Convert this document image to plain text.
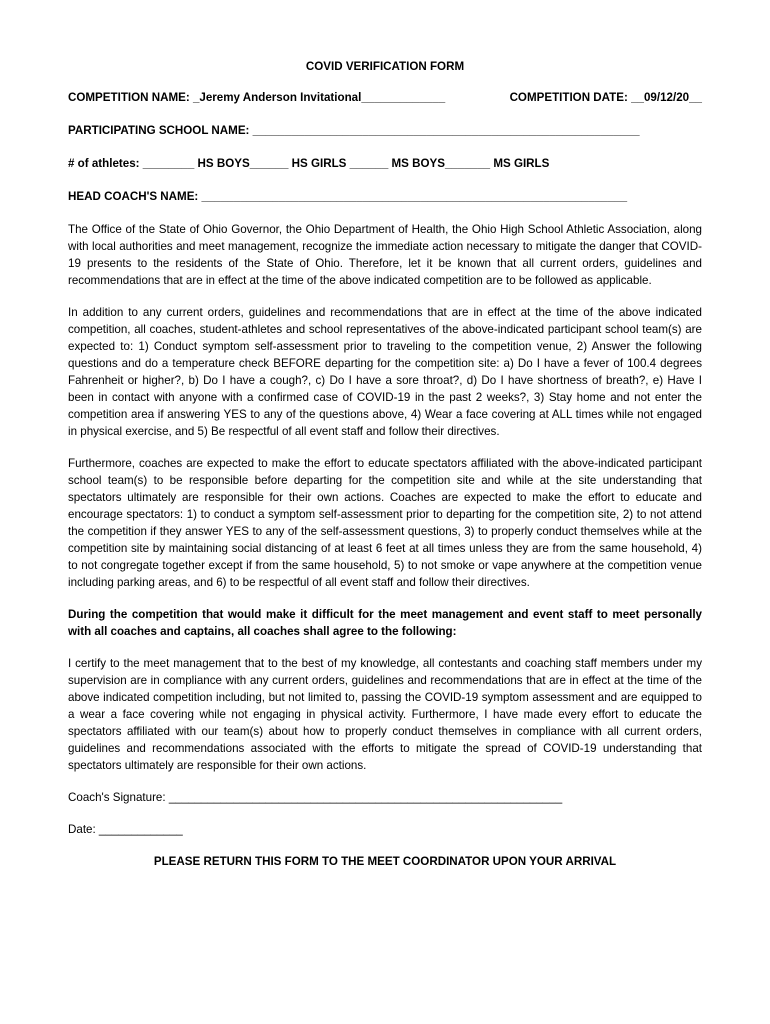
COVID VERIFICATION FORM
COMPETITION NAME: _Jeremy Anderson Invitational_____________	COMPETITION DATE: __09/12/20__
PARTICIPATING SCHOOL NAME: ____________________________________________________________
# of athletes: ________ HS BOYS______ HS GIRLS ______ MS BOYS_______ MS GIRLS
HEAD COACH'S NAME: __________________________________________________________________

The Office of the State of Ohio Governor, the Ohio Department of Health, the Ohio High School Athletic Association, along with local authorities and meet management, recognize the immediate action necessary to mitigate the danger that COVID-19 presents to the residents of the State of Ohio. Therefore, let it be known that all current orders, guidelines and recommendations that are in effect at the time of the above indicated competition are to be followed as applicable.

In addition to any current orders, guidelines and recommendations that are in effect at the time of the above indicated competition, all coaches, student-athletes and school representatives of the above-indicated participant school team(s) are expected to: 1) Conduct symptom self-assessment prior to traveling to the competition venue, 2) Answer the following questions and do a temperature check BEFORE departing for the competition site: a) Do I have a fever of 100.4 degrees Fahrenheit or higher?, b) Do I have a cough?, c) Do I have a sore throat?, d) Do I have shortness of breath?, e) Have I been in contact with anyone with a confirmed case of COVID-19 in the past 2 weeks?, 3) Stay home and not enter the competition area if answering YES to any of the questions above, 4) Wear a face covering at ALL times while not engaged in physical exercise, and 5) Be respectful of all event staff and follow their directives.

Furthermore, coaches are expected to make the effort to educate spectators affiliated with the above-indicated participant school team(s) to be responsible before departing for the competition site and while at the site understanding that spectators ultimately are responsible for their own actions. Coaches are expected to make the effort to educate and encourage spectators: 1) to conduct a symptom self-assessment prior to departing for the competition site, 2) to not attend the competition if they answer YES to any of the self-assessment questions, 3) to properly conduct themselves while at the competition site by maintaining social distancing of at least 6 feet at all times unless they are from the same household, 4) to not congregate together except if from the same household, 5) to not smoke or vape anywhere at the competition venue including parking areas, and 6) to be respectful of all event staff and follow their directives.

During the competition that would make it difficult for the meet management and event staff to meet personally with all coaches and captains, all coaches shall agree to the following:

I certify to the meet management that to the best of my knowledge, all contestants and coaching staff members under my supervision are in compliance with any current orders, guidelines and recommendations that are in effect at the time of the above indicated competition including, but not limited to, passing the COVID-19 symptom assessment and are equipped to a wear a face covering while not engaging in physical activity. Furthermore, I have made every effort to educate the spectators affiliated with our team(s) about how to properly conduct themselves in compliance with all current orders, guidelines and recommendations associated with the efforts to mitigate the spread of COVID-19 understanding that spectators ultimately are responsible for their own actions.

Coach's Signature: _____________________________________________________________
Date: _____________
PLEASE RETURN THIS FORM TO THE MEET COORDINATOR UPON YOUR ARRIVAL
